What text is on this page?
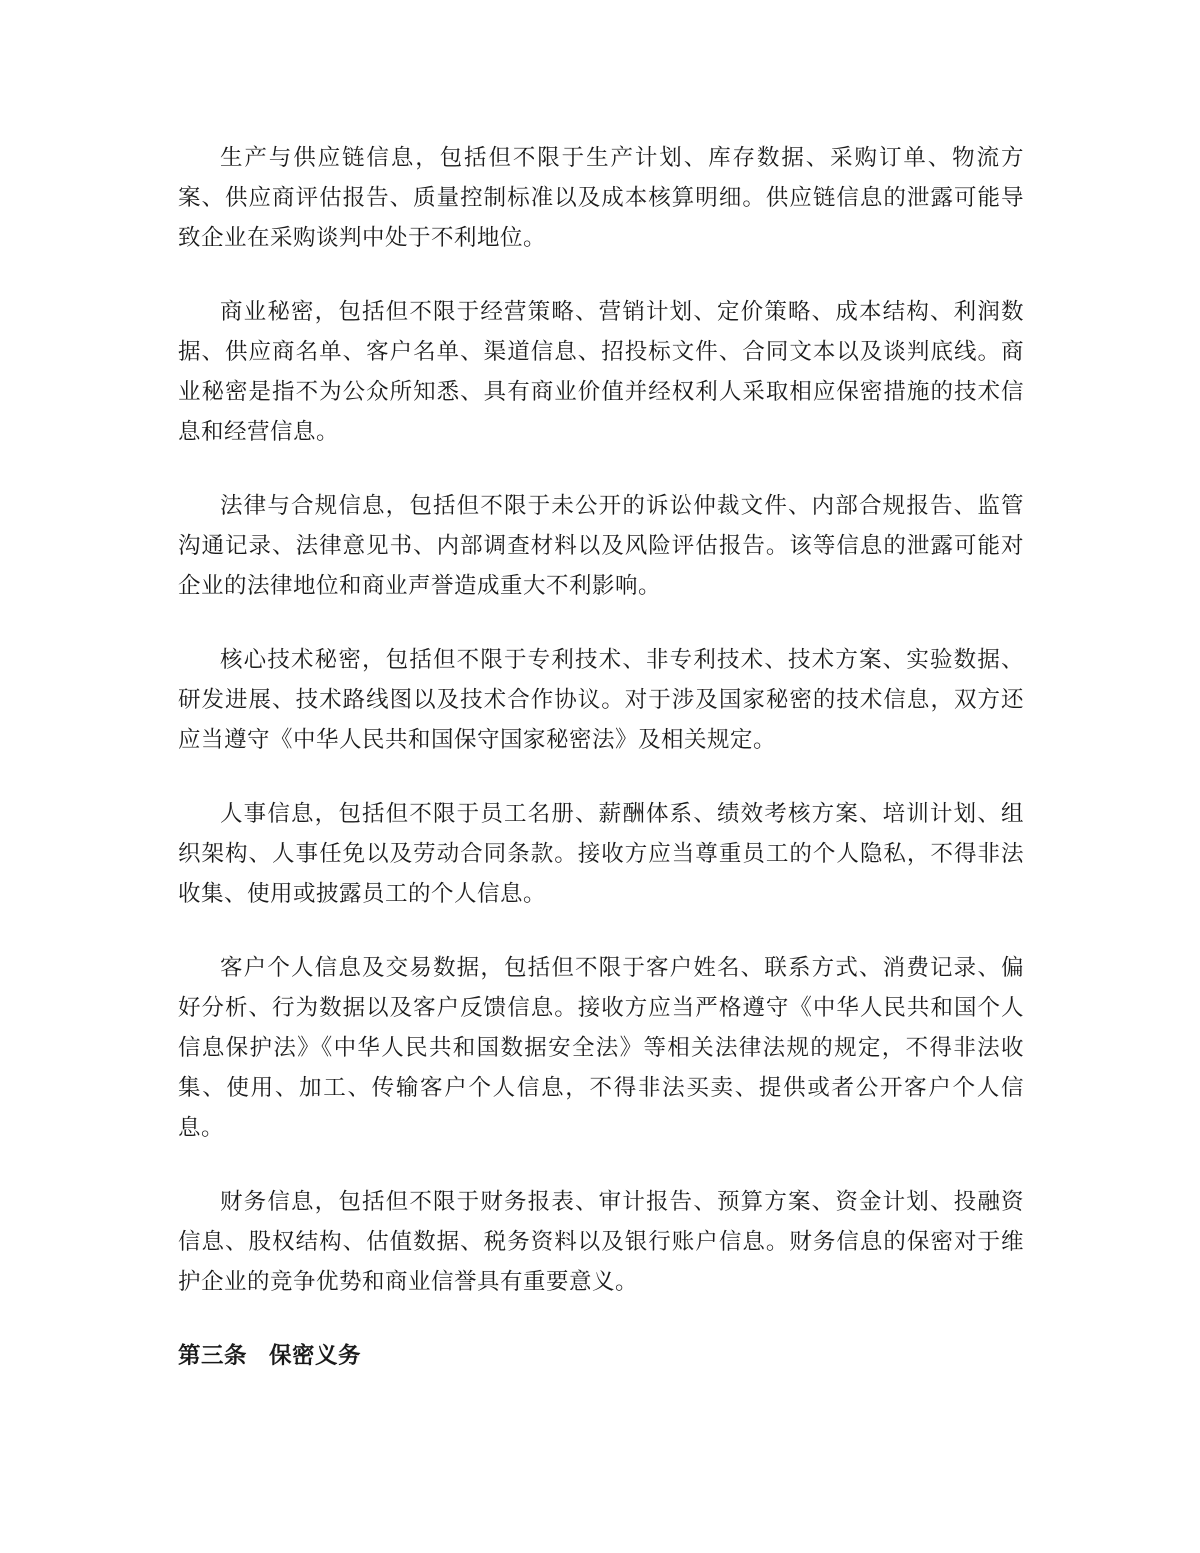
生产与供应链信息，包括但不限于生产计划、库存数据、采购订单、物流方案、供应商评估报告、质量控制标准以及成本核算明细。供应链信息的泄露可能导致企业在采购谈判中处于不利地位。

商业秘密，包括但不限于经营策略、营销计划、定价策略、成本结构、利润数据、供应商名单、客户名单、渠道信息、招投标文件、合同文本以及谈判底线。商业秘密是指不为公众所知悉、具有商业价值并经权利人采取相应保密措施的技术信息和经营信息。

法律与合规信息，包括但不限于未公开的诉讼仲裁文件、内部合规报告、监管沟通记录、法律意见书、内部调查材料以及风险评估报告。该等信息的泄露可能对企业的法律地位和商业声誉造成重大不利影响。

核心技术秘密，包括但不限于专利技术、非专利技术、技术方案、实验数据、研发进展、技术路线图以及技术合作协议。对于涉及国家秘密的技术信息，双方还应当遵守《中华人民共和国保守国家秘密法》及相关规定。

人事信息，包括但不限于员工名册、薪酬体系、绩效考核方案、培训计划、组织架构、人事任免以及劳动合同条款。接收方应当尊重员工的个人隐私，不得非法收集、使用或披露员工的个人信息。

客户个人信息及交易数据，包括但不限于客户姓名、联系方式、消费记录、偏好分析、行为数据以及客户反馈信息。接收方应当严格遵守《中华人民共和国个人信息保护法》《中华人民共和国数据安全法》等相关法律法规的规定，不得非法收集、使用、加工、传输客户个人信息，不得非法买卖、提供或者公开客户个人信息。

财务信息，包括但不限于财务报表、审计报告、预算方案、资金计划、投融资信息、股权结构、估值数据、税务资料以及银行账户信息。财务信息的保密对于维护企业的竞争优势和商业信誉具有重要意义。

第三条 保密义务
